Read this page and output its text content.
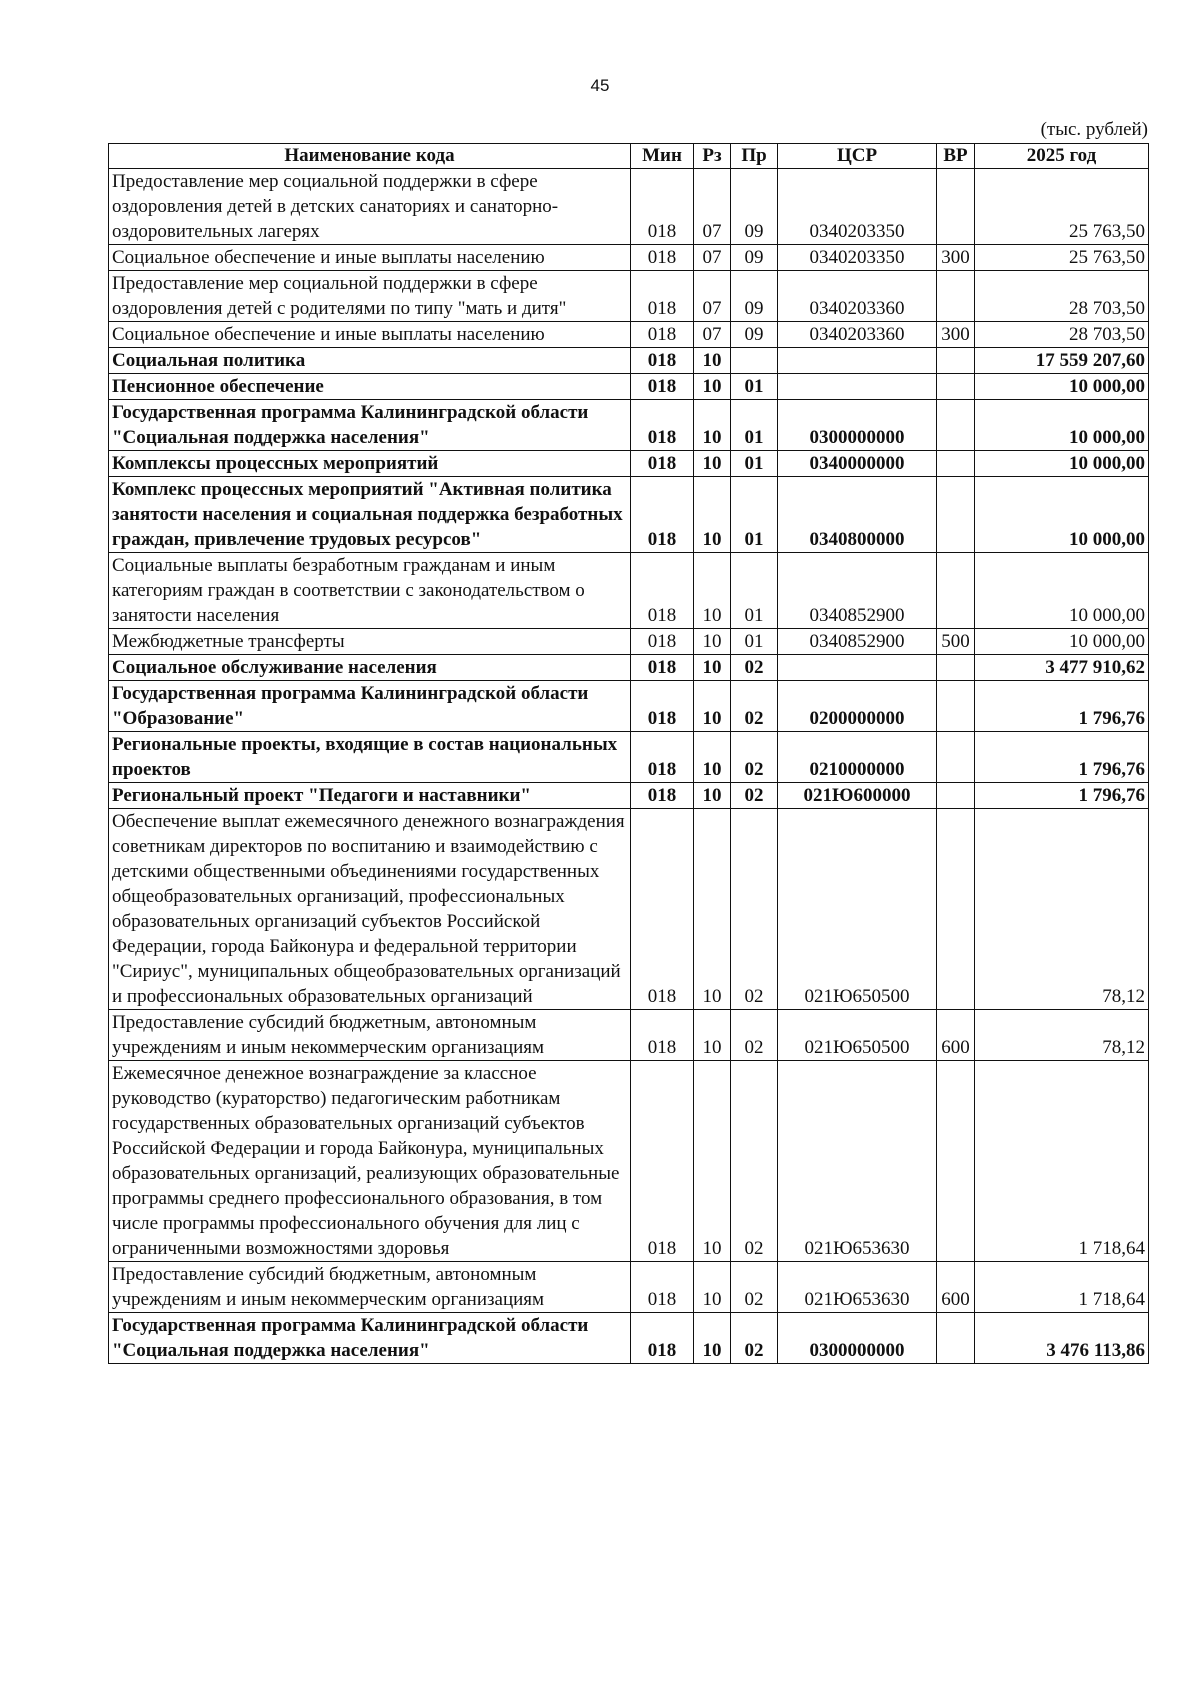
45
(тыс. рублей)
Наименование кода	Мин	Рз	Пр	ЦСР	ВР	2025 год
Предоставление мер социальной поддержки в сфере оздоровления детей в детских санаториях и санаторно-оздоровительных лагерях	018	07	09	0340203350		25 763,50
Социальное обеспечение и иные выплаты населению	018	07	09	0340203350	300	25 763,50
Предоставление мер социальной поддержки в сфере оздоровления детей с родителями по типу "мать и дитя"	018	07	09	0340203360		28 703,50
Социальное обеспечение и иные выплаты населению	018	07	09	0340203360	300	28 703,50
Социальная политика	018	10				17 559 207,60
Пенсионное обеспечение	018	10	01			10 000,00
Государственная программа Калининградской области "Социальная поддержка населения"	018	10	01	0300000000		10 000,00
Комплексы процессных мероприятий	018	10	01	0340000000		10 000,00
Комплекс процессных мероприятий "Активная политика занятости населения и социальная поддержка безработных граждан, привлечение трудовых ресурсов"	018	10	01	0340800000		10 000,00
Социальные выплаты безработным гражданам и иным категориям граждан в соответствии с законодательством о занятости населения	018	10	01	0340852900		10 000,00
Межбюджетные трансферты	018	10	01	0340852900	500	10 000,00
Социальное обслуживание населения	018	10	02			3 477 910,62
Государственная программа Калининградской области "Образование"	018	10	02	0200000000		1 796,76
Региональные проекты, входящие в состав национальных проектов	018	10	02	0210000000		1 796,76
Региональный проект "Педагоги и наставники"	018	10	02	021Ю600000		1 796,76
Обеспечение выплат ежемесячного денежного вознаграждения советникам директоров по воспитанию и взаимодействию с детскими общественными объединениями государственных общеобразовательных организаций, профессиональных образовательных организаций субъектов Российской Федерации, города Байконура и федеральной территории "Сириус", муниципальных общеобразовательных организаций и профессиональных образовательных организаций	018	10	02	021Ю650500		78,12
Предоставление субсидий бюджетным, автономным учреждениям и иным некоммерческим организациям	018	10	02	021Ю650500	600	78,12
Ежемесячное денежное вознаграждение за классное руководство (кураторство) педагогическим работникам государственных образовательных организаций субъектов Российской Федерации и города Байконура, муниципальных образовательных организаций, реализующих образовательные программы среднего профессионального образования, в том числе программы профессионального обучения для лиц с ограниченными возможностями здоровья	018	10	02	021Ю653630		1 718,64
Предоставление субсидий бюджетным, автономным учреждениям и иным некоммерческим организациям	018	10	02	021Ю653630	600	1 718,64
Государственная программа Калининградской области "Социальная поддержка населения"	018	10	02	0300000000		3 476 113,86
